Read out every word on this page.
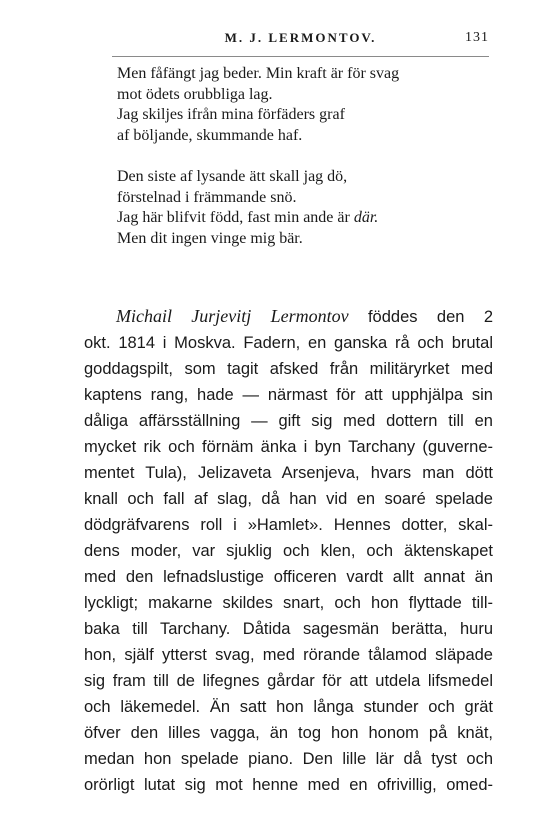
M. J. LERMONTOV.	131

Men fåfängt jag beder. Min kraft är för svag
mot ödets orubbliga lag.
Jag skiljes ifrån mina förfäders graf
af böljande, skummande haf.

Den siste af lysande ätt skall jag dö,
förstelnad i främmande snö.
Jag här blifvit född, fast min ande är där.
Men dit ingen vinge mig bär.

Michail Jurjevitj Lermontov föddes den 2
okt. 1814 i Moskva. Fadern, en ganska rå och brutal
goddagspilt, som tagit afsked från militäryrket med
kaptens rang, hade — närmast för att upphjälpa sin
dåliga affärsställning — gift sig med dottern till en
mycket rik och förnäm änka i byn Tarchany (guverne-
mentet Tula), Jelizaveta Arsenjeva, hvars man dött
knall och fall af slag, då han vid en soaré spelade
dödgräfvarens roll i »Hamlet». Hennes dotter, skal-
dens moder, var sjuklig och klen, och äktenskapet
med den lefnadslustige officeren vardt allt annat än
lyckligt; makarne skildes snart, och hon flyttade till-
baka till Tarchany. Dåtida sagesmän berätta, huru
hon, själf ytterst svag, med rörande tålamod släpade
sig fram till de lifegnes gårdar för att utdela lifsmedel
och läkemedel. Än satt hon långa stunder och grät
öfver den lilles vagga, än tog hon honom på knät,
medan hon spelade piano. Den lille lär då tyst och
orörligt lutat sig mot henne med en ofrivillig, omed-
